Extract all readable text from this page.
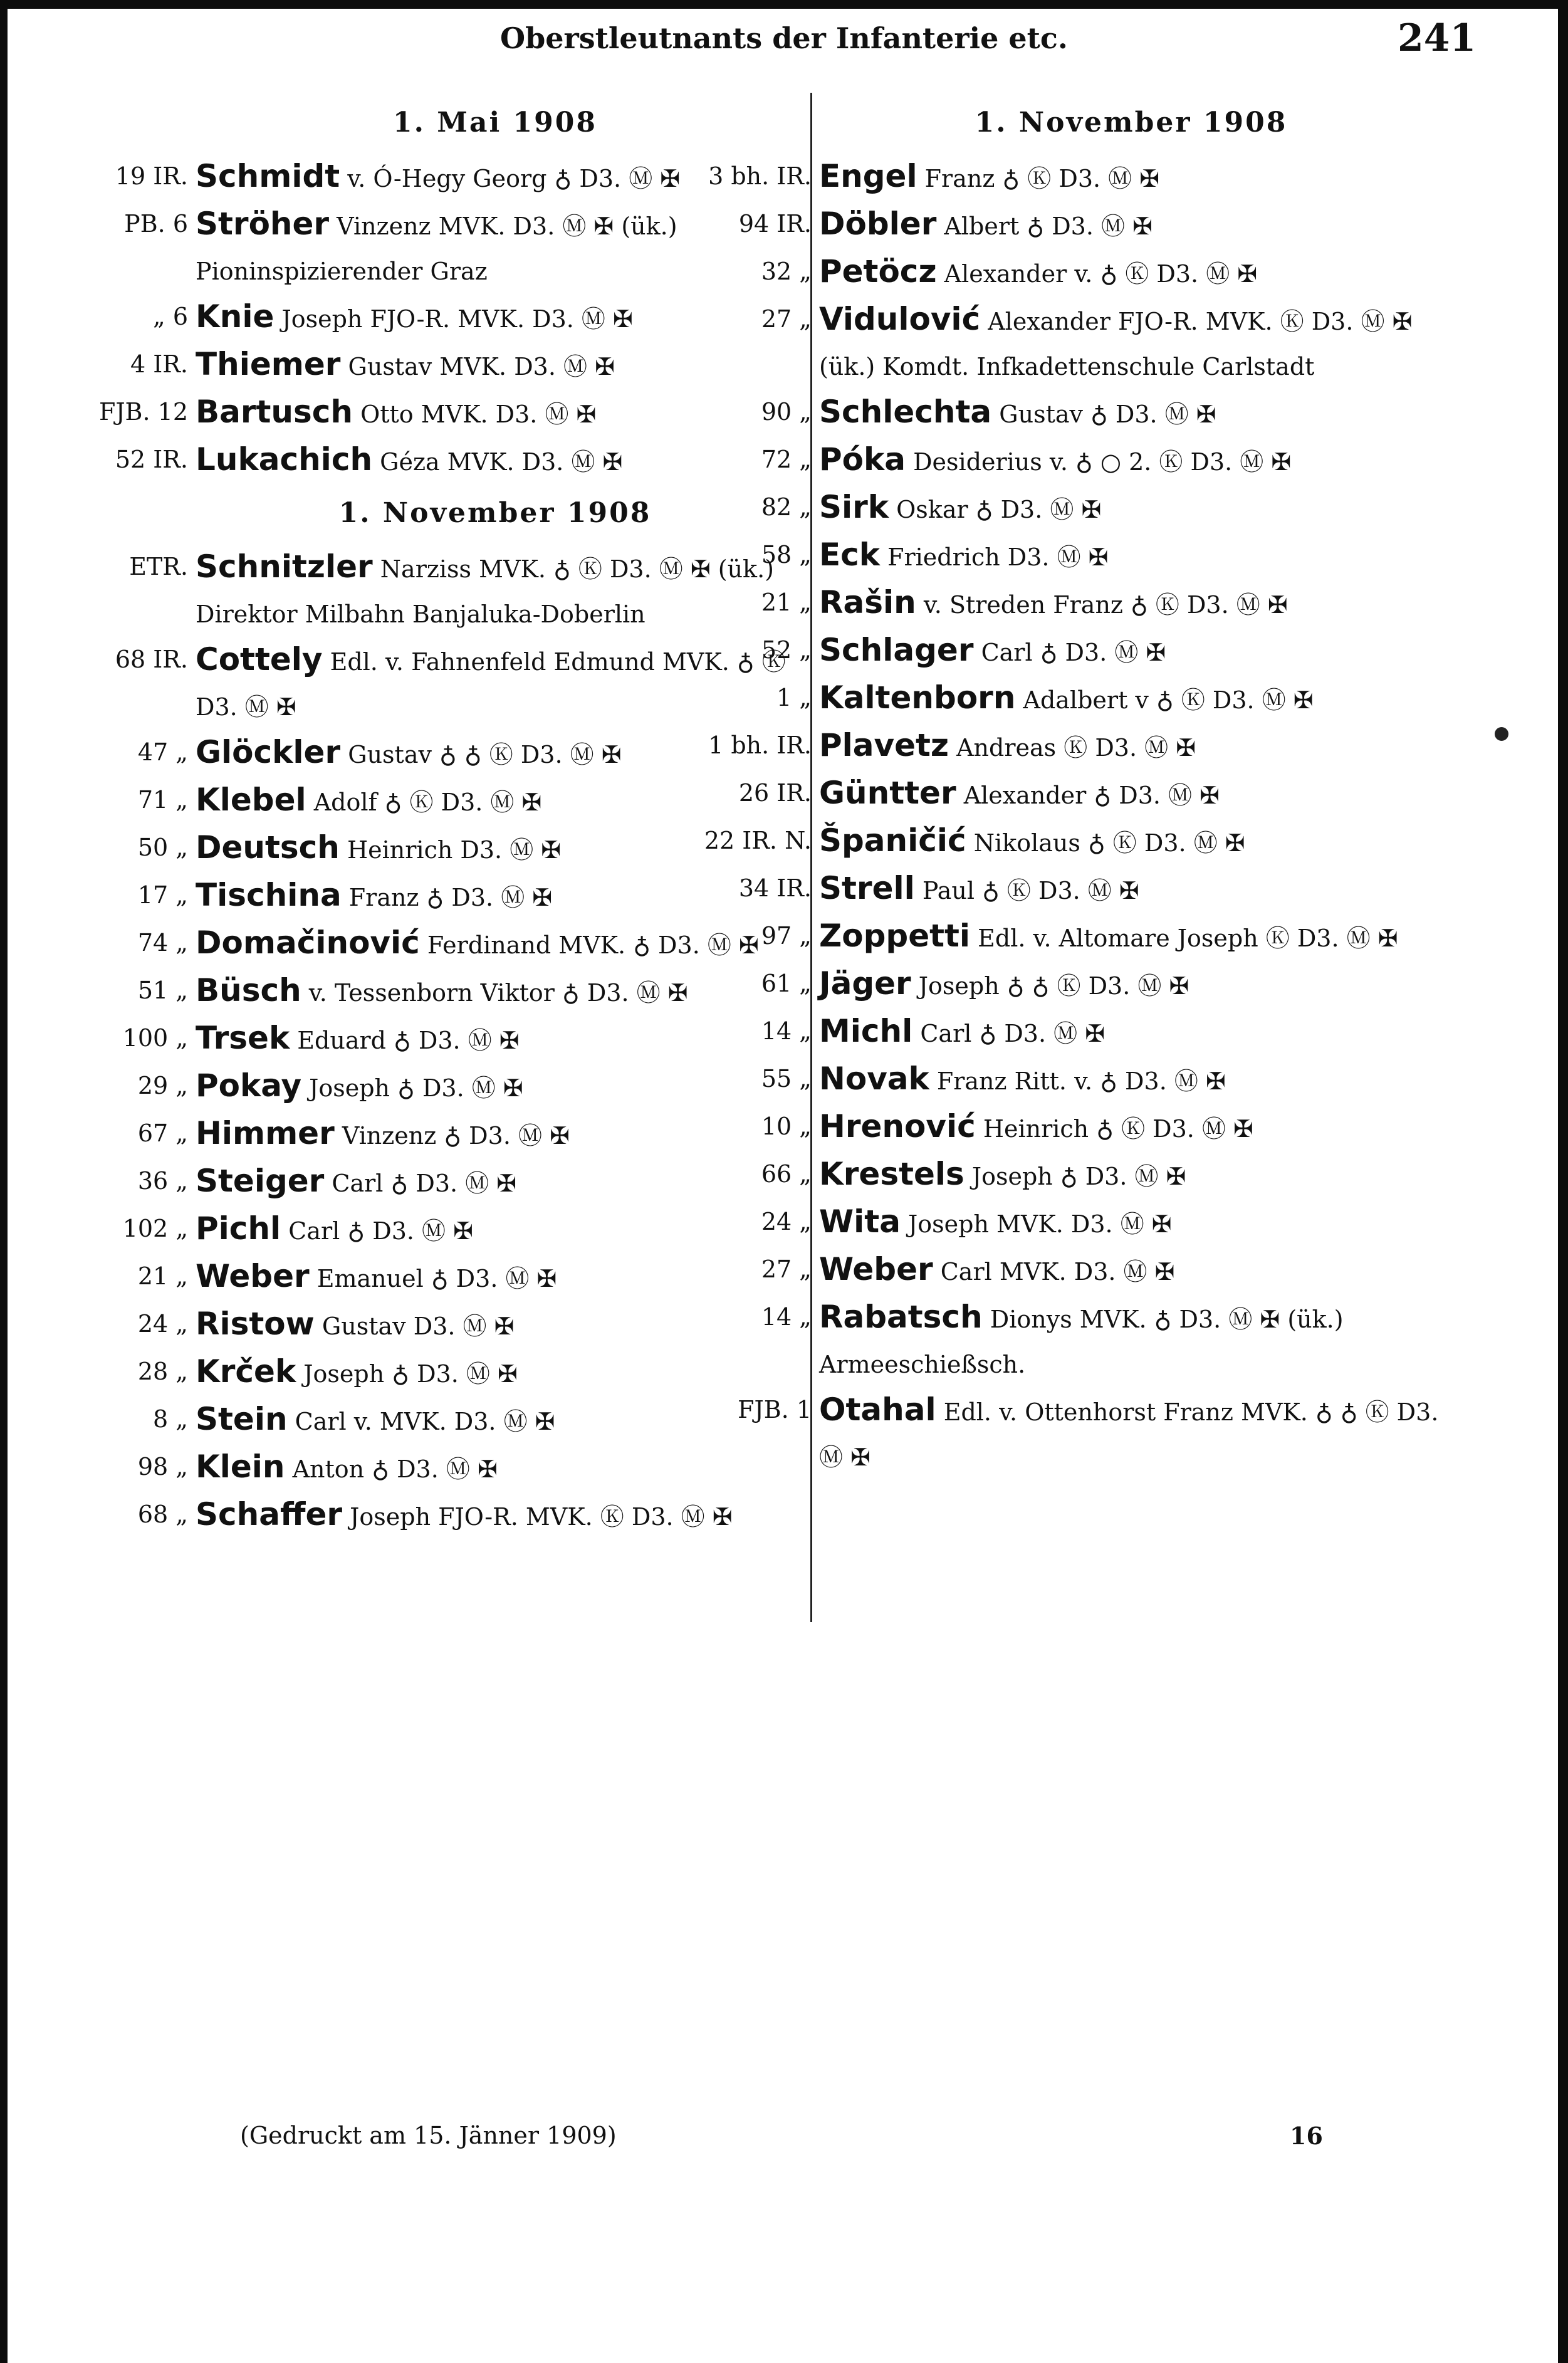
Oberstleutnants der Infanterie etc.	241
1. Mai 1908
19 IR. Schmidt v. Ó-Hegy Georg ♁ D3. Ⓜ ✠
PB. 6 Ströher Vinzenz MVK. D3. Ⓜ ✠ (ük.) Pioninspizierender Graz
„ 6 Knie Joseph FJO-R. MVK. D3. Ⓜ ✠
4 IR. Thiemer Gustav MVK. D3. Ⓜ ✠
FJB. 12 Bartusch Otto MVK. D3. Ⓜ ✠
52 IR. Lukachich Géza MVK. D3. Ⓜ ✠
1. November 1908
ETR. Schnitzler Narziss MVK. ♁ Ⓚ D3. Ⓜ ✠ (ük.) Direktor Milbahn Banjaluka-Doberlin
68 IR. Cottely Edl. v. Fahnenfeld Edmund MVK. ♁ Ⓚ D3. Ⓜ ✠
47 „ Glöckler Gustav ♁ ♁ Ⓚ D3. Ⓜ ✠
71 „ Klebel Adolf ♁ Ⓚ D3. Ⓜ ✠
50 „ Deutsch Heinrich D3. Ⓜ ✠
17 „ Tischina Franz ♁ D3. Ⓜ ✠
74 „ Domačinović Ferdinand MVK. ♁ D3. Ⓜ ✠
51 „ Büsch v. Tessenborn Viktor ♁ D3. Ⓜ ✠
100 „ Trsek Eduard ♁ D3. Ⓜ ✠
29 „ Pokay Joseph ♁ D3. Ⓜ ✠
67 „ Himmer Vinzenz ♁ D3. Ⓜ ✠
36 „ Steiger Carl ♁ D3. Ⓜ ✠
102 „ Pichl Carl ♁ D3. Ⓜ ✠
21 „ Weber Emanuel ♁ D3. Ⓜ ✠
24 „ Ristow Gustav D3. Ⓜ ✠
28 „ Krček Joseph ♁ D3. Ⓜ ✠
8 „ Stein Carl v. MVK. D3. Ⓜ ✠
98 „ Klein Anton ♁ D3. Ⓜ ✠
68 „ Schaffer Joseph FJO-R. MVK. Ⓚ D3. Ⓜ ✠
1. November 1908
3 bh. IR. Engel Franz ♁ Ⓚ D3. Ⓜ ✠
94 IR. Döbler Albert ♁ D3. Ⓜ ✠
32 „ Petöcz Alexander v. ♁ Ⓚ D3. Ⓜ ✠
27 „ Vidulović Alexander FJO-R. MVK. Ⓚ D3. Ⓜ ✠ (ük.) Komdt. Infkadettenschule Carlstadt
90 „ Schlechta Gustav ♁ D3. Ⓜ ✠
72 „ Póka Desiderius v. ♁ ○ 2. Ⓚ D3. Ⓜ ✠
82 „ Sirk Oskar ♁ D3. Ⓜ ✠
58 „ Eck Friedrich D3. Ⓜ ✠
21 „ Rašin v. Streden Franz ♁ Ⓚ D3. Ⓜ ✠
52 „ Schlager Carl ♁ D3. Ⓜ ✠
1 „ Kaltenborn Adalbert v ♁ Ⓚ D3. Ⓜ ✠
1 bh. IR. Plavetz Andreas Ⓚ D3. Ⓜ ✠
26 IR. Güntter Alexander ♁ D3. Ⓜ ✠
22 IR. N. Španičić Nikolaus ♁ Ⓚ D3. Ⓜ ✠
34 IR. Strell Paul ♁ Ⓚ D3. Ⓜ ✠
97 „ Zoppetti Edl. v. Altomare Joseph Ⓚ D3. Ⓜ ✠
61 „ Jäger Joseph ♁ ♁ Ⓚ D3. Ⓜ ✠
14 „ Michl Carl ♁ D3. Ⓜ ✠
55 „ Novak Franz Ritt. v. ♁ D3. Ⓜ ✠
10 „ Hrenović Heinrich ♁ Ⓚ D3. Ⓜ ✠
66 „ Krestels Joseph ♁ D3. Ⓜ ✠
24 „ Wita Joseph MVK. D3. Ⓜ ✠
27 „ Weber Carl MVK. D3. Ⓜ ✠
14 „ Rabatsch Dionys MVK. ♁ D3. Ⓜ ✠ (ük.) Armeeschießsch.
FJB. 1 Otahal Edl. v. Ottenhorst Franz MVK. ♁ ♁ Ⓚ D3. Ⓜ ✠
(Gedruckt am 15. Jänner 1909)	16
